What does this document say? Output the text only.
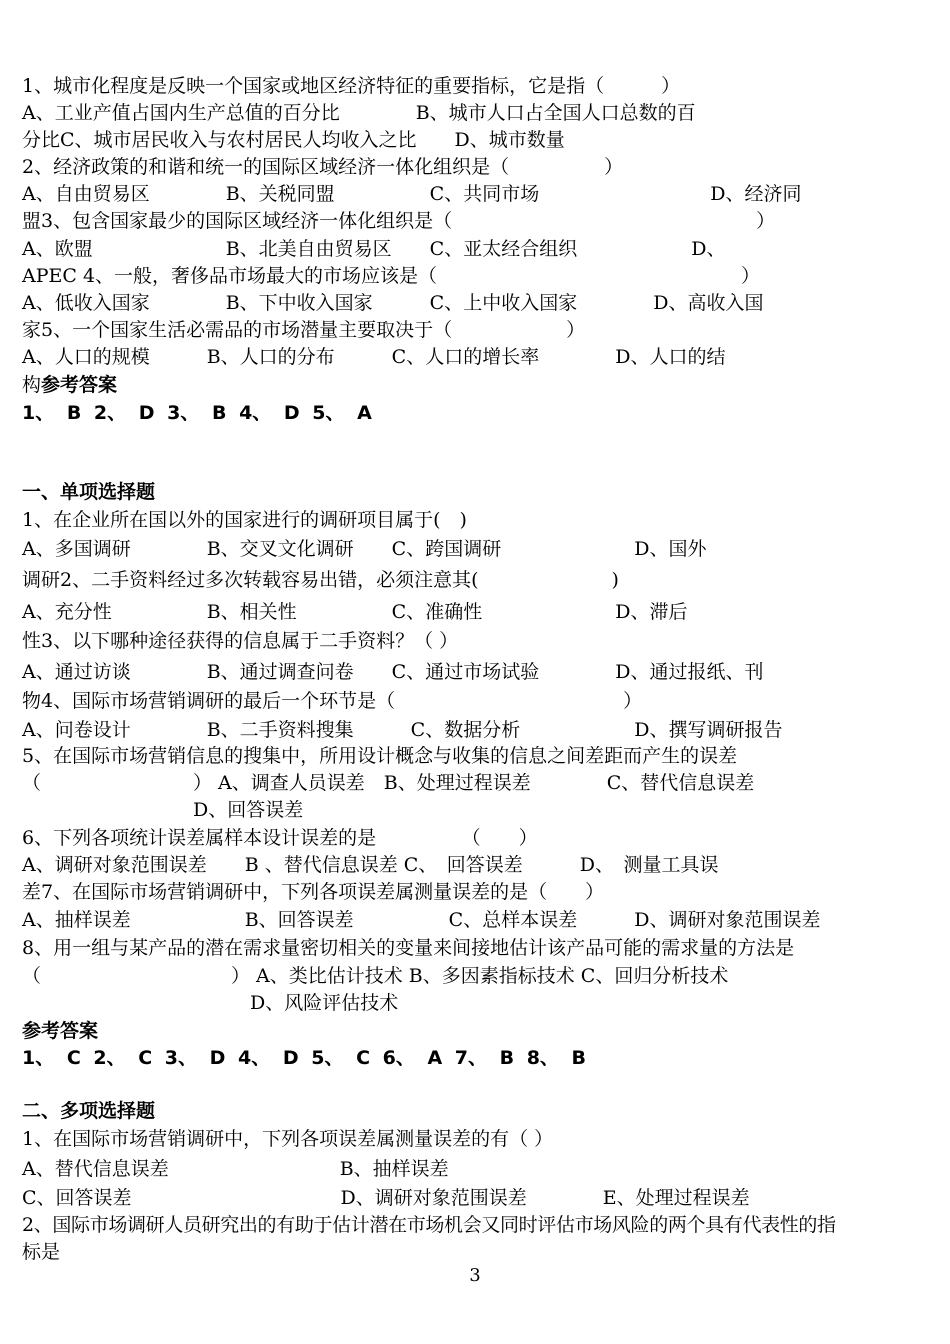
1、城市化程度是反映一个国家或地区经济特征的重要指标，它是指（　　　）
A、工业产值占国内生产总值的百分比　　　　B、城市人口占全国人口总数的百
分比C、城市居民收入与农村居民人均收入之比　　D、城市数量
2、经济政策的和谐和统一的国际区域经济一体化组织是（　　　　　）
A、自由贸易区　　　　B、关税同盟　　　　　C、共同市场　　　　　　　　　D、经济同
盟3、包含国家最少的国际区域经济一体化组织是（　　　　　　　　　　　　　　　　）
A、欧盟　　　　　　　B、北美自由贸易区　　C、亚太经合组织　　　　　　D、
APEC 4、一般，奢侈品市场最大的市场应该是（　　　　　　　　　　　　　　　　）
A、低收入国家　　　　B、下中收入国家　　　C、上中收入国家　　　　D、高收入国
家5、一个国家生活必需品的市场潜量主要取决于（　　　　　　）
A、人口的规模　　　B、人口的分布　　　C、人口的增长率　　　　D、人口的结
构参考答案
1、 B 2、 D 3、 B 4、 D 5、 A
一、单项选择题
1、在企业所在国以外的国家进行的调研项目属于(　)
A、多国调研　　　　B、交叉文化调研　　C、跨国调研　　　　　　　D、国外
调研2、二手资料经过多次转载容易出错，必须注意其(　　　　　　　)
A、充分性　　　　　B、相关性　　　　　C、准确性　　　　　　　D、滞后
性3、以下哪种途径获得的信息属于二手资料？（ ）
A、通过访谈　　　　B、通过调查问卷　　C、通过市场试验　　　　D、通过报纸、刊
物4、国际市场营销调研的最后一个环节是（　　　　　　　　　　　　）
A、问卷设计　　　　B、二手资料搜集　　　C、数据分析　　　　　　D、撰写调研报告
5、在国际市场营销信息的搜集中，所用设计概念与收集的信息之间差距而产生的误差
（　　　　　　　　） A、调查人员误差　B、处理过程误差　　　　C、替代信息误差
　　　　　　　　　D、回答误差
6、下列各项统计误差属样本设计误差的是　　　　　（　　）
A、调研对象范围误差　　B 、替代信息误差 C、　回答误差　　　D、　测量工具误
差7、在国际市场营销调研中，下列各项误差属测量误差的是（　　）
A、抽样误差　　　　　　B、回答误差　　　　　C、总样本误差　　　D、调研对象范围误差
8、用一组与某产品的潜在需求量密切相关的变量来间接地估计该产品可能的需求量的方法是
（　　　　　　　　　　） A、类比估计技术 B、多因素指标技术 C、回归分析技术
　　　　　　　　　　　　D、风险评估技术
参考答案
1、 C 2、 C 3、 D 4、 D 5、 C 6、 A 7、 B 8、 B
二、多项选择题
1、在国际市场营销调研中，下列各项误差属测量误差的有（ ）
A、替代信息误差　　　　　　　　　B、抽样误差
C、回答误差　　　　　　　　　　　D、调研对象范围误差　　　　E、处理过程误差
2、国际市场调研人员研究出的有助于估计潜在市场机会又同时评估市场风险的两个具有代表性的指
标是
3
